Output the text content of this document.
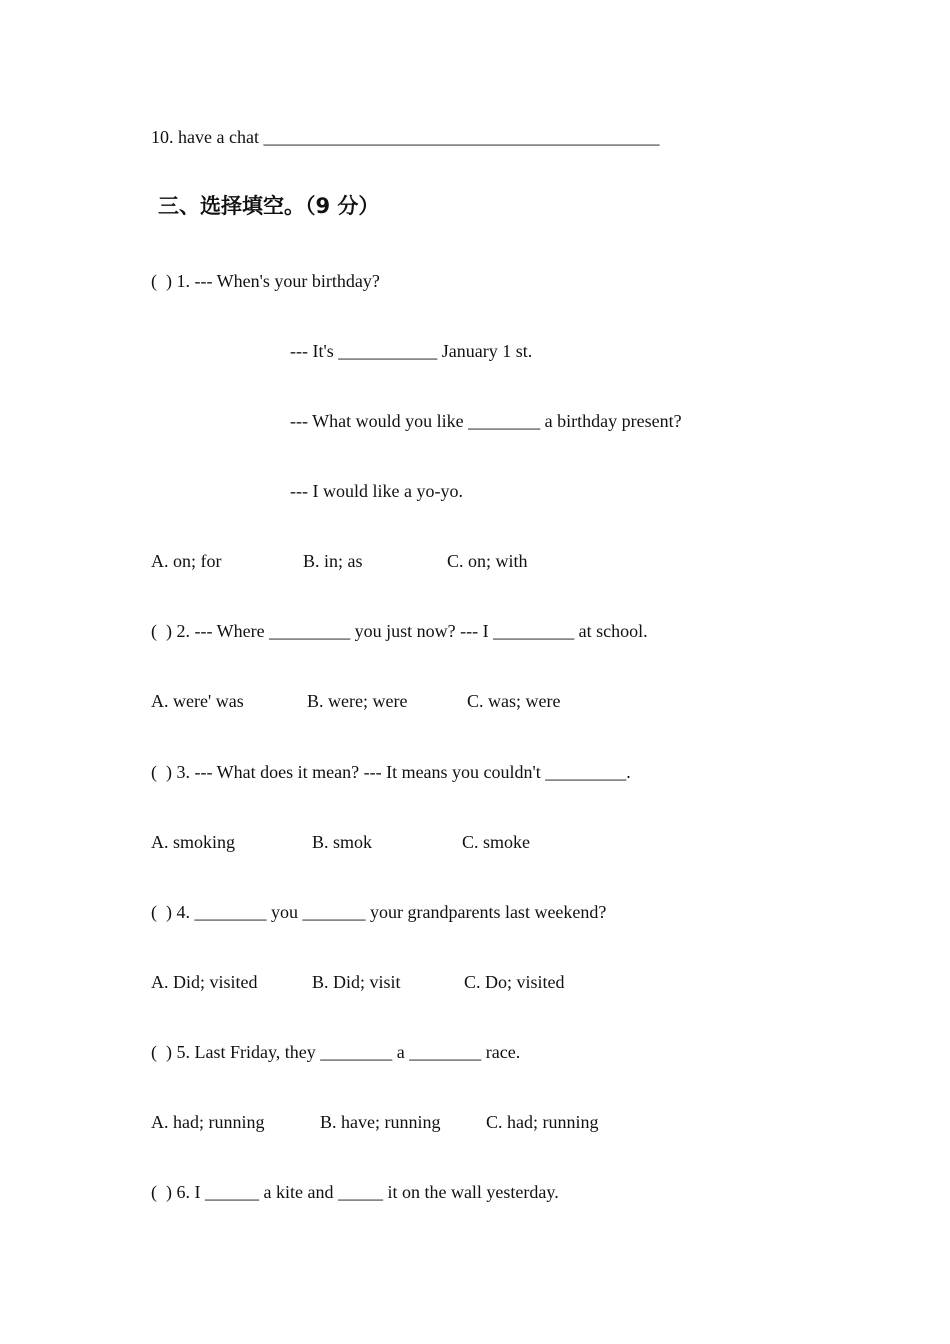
10. have a chat ____________________________________________
三、选择填空。（9 分）
(  ) 1. --- When's your birthday?
--- It's ___________ January 1 st.
--- What would you like ________ a birthday present?
--- I would like a yo-yo.
A. on; for	B. in; as	C. on; with
(  ) 2. --- Where _________ you just now? --- I _________ at school.
A. were' was	B. were; were	C. was; were
(  ) 3. --- What does it mean? --- It means you couldn't _________.
A. smoking	B. smok	C. smoke
(  ) 4. ________ you _______ your grandparents last weekend?
A. Did; visited	B. Did; visit	C. Do; visited
(  ) 5. Last Friday, they ________ a ________ race.
A. had; running	B. have; running	C. had; running
(  ) 6. I ______ a kite and _____ it on the wall yesterday.
